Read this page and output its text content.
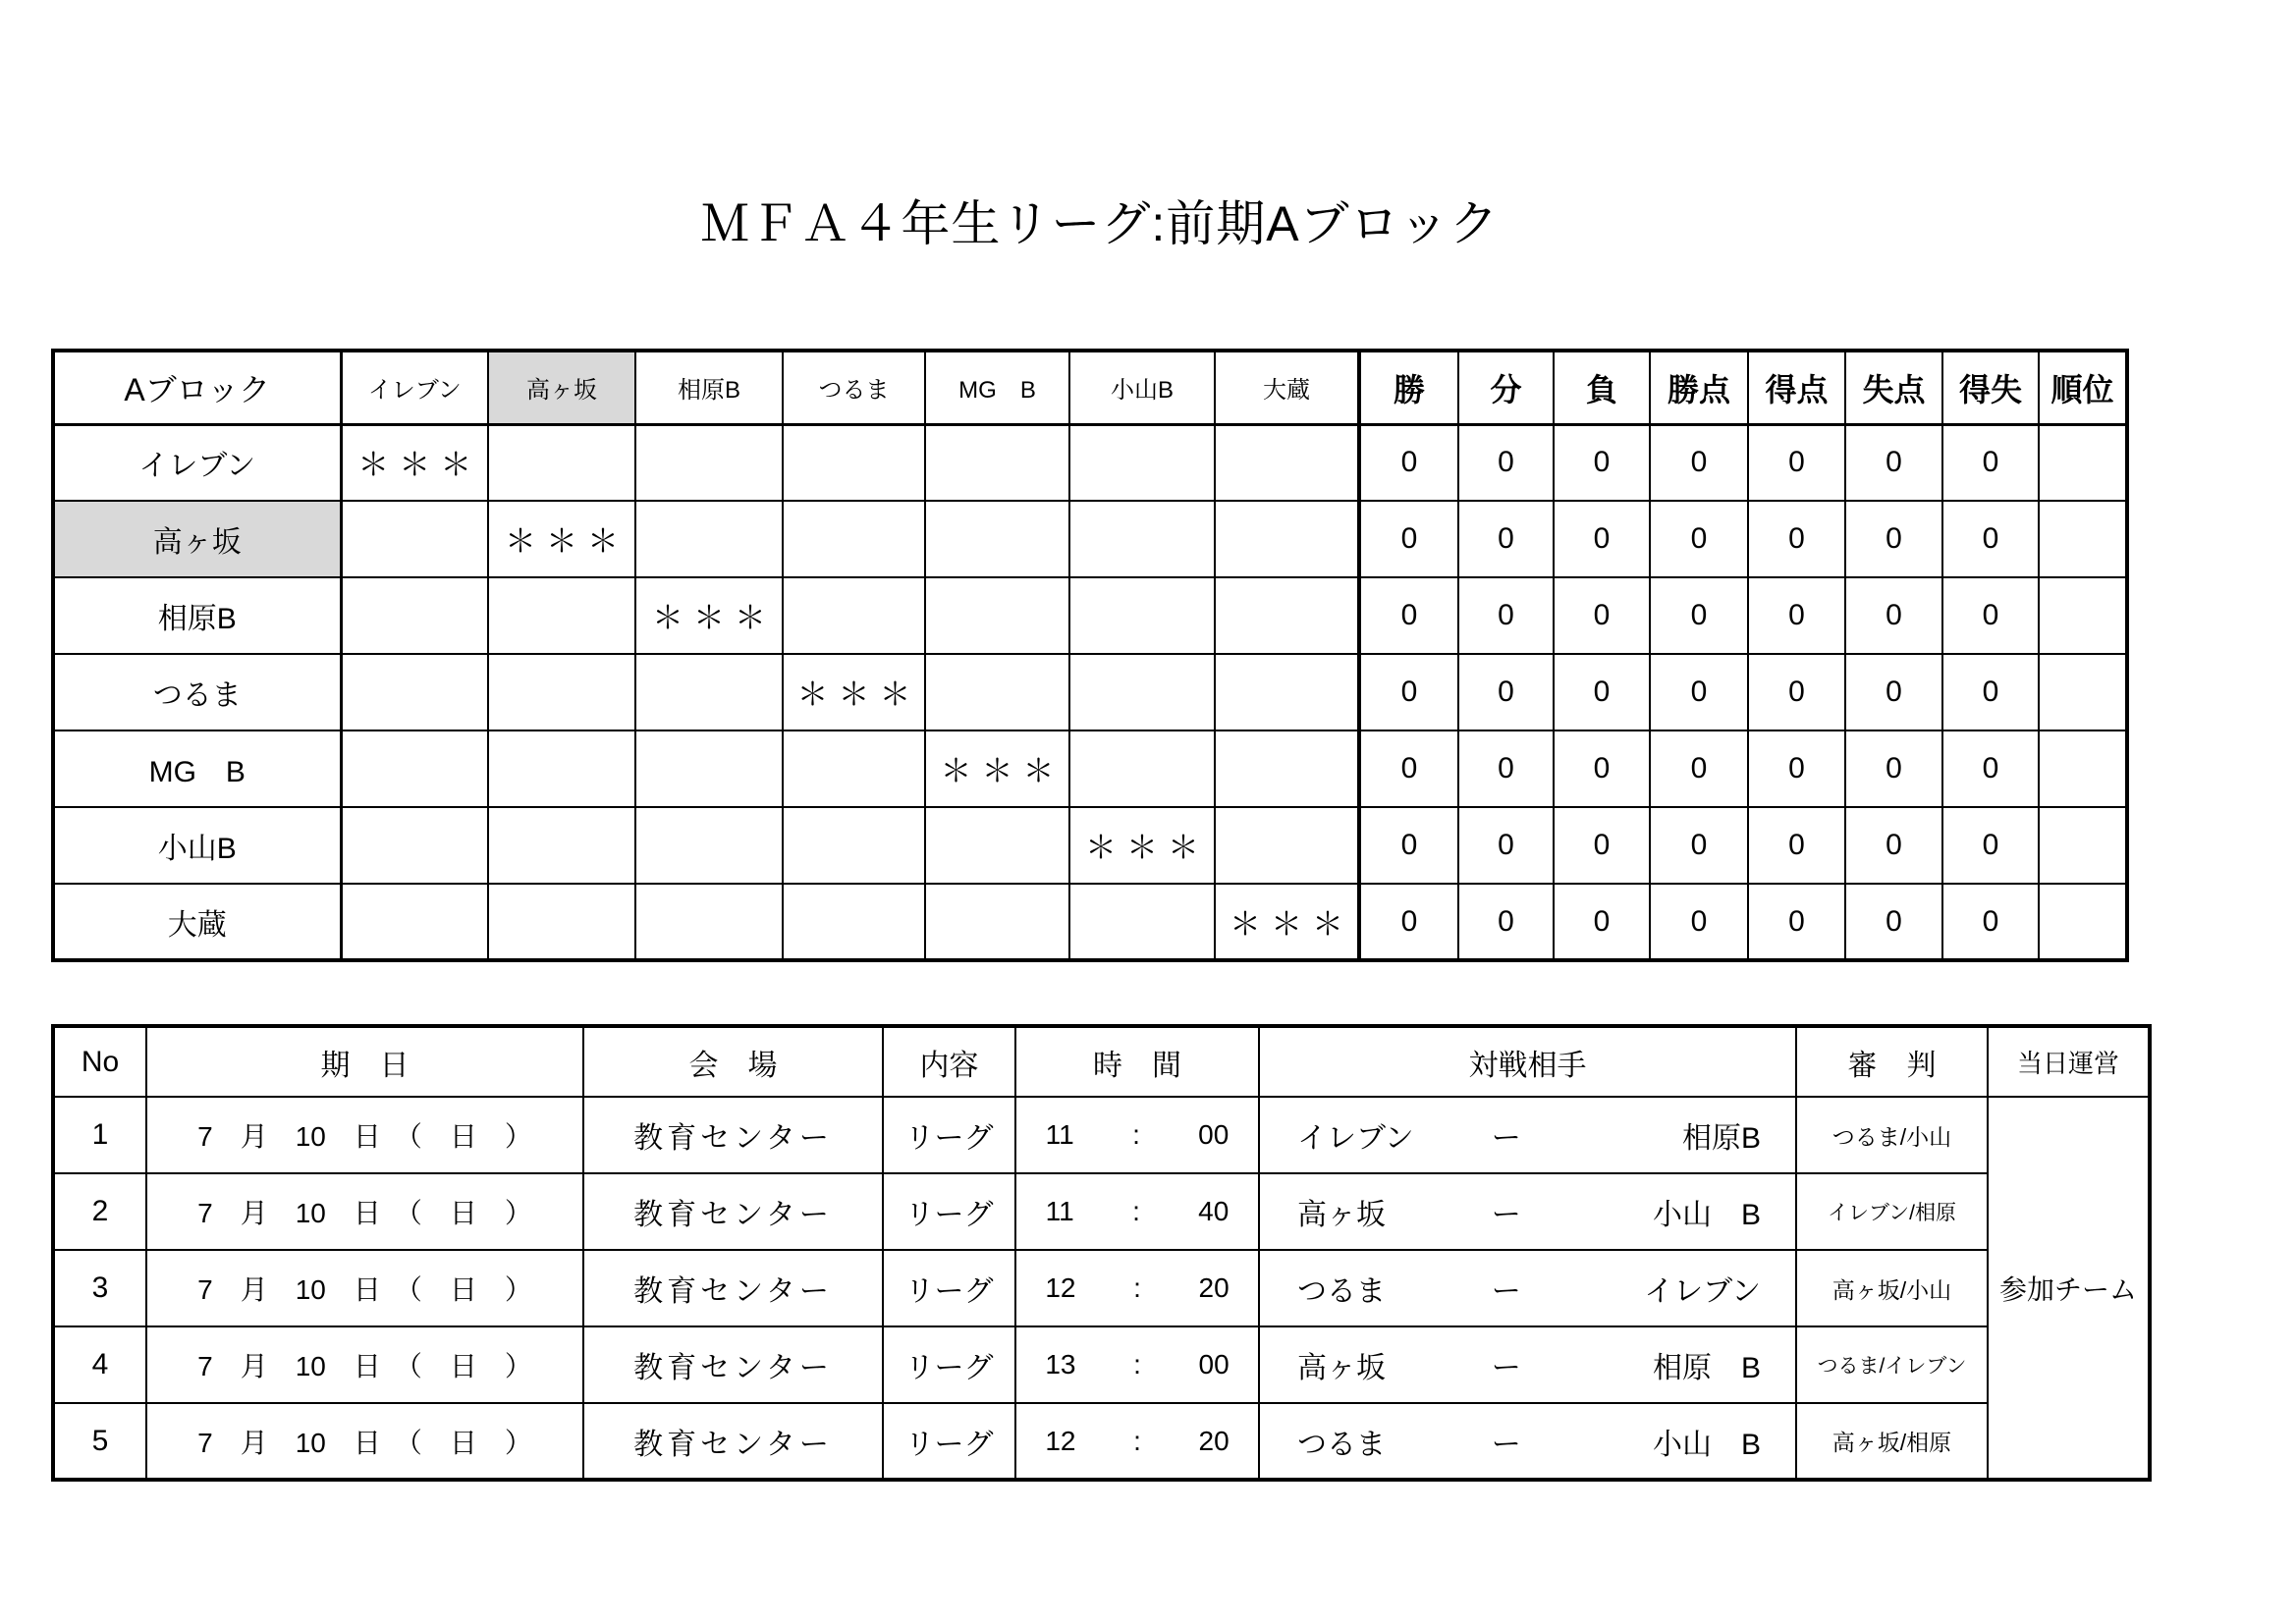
ＭＦＡ４年生リーグ:前期Aブロック
Aブロック	イレブン	高ヶ坂	相原B	つるま	MG　B	小山B	大蔵	勝	分	負	勝点	得点	失点	得失	順位
イレブン	＊＊＊							0	0	0	0	0	0	0	
高ヶ坂		＊＊＊						0	0	0	0	0	0	0	
相原B			＊＊＊					0	0	0	0	0	0	0	
つるま				＊＊＊				0	0	0	0	0	0	0	
MG　B					＊＊＊			0	0	0	0	0	0	0	
小山B						＊＊＊		0	0	0	0	0	0	0	
大蔵							＊＊＊	0	0	0	0	0	0	0	
No	期　日	会　場	内容	時　間	対戦相手	審　判	当日運営
1	7　月　10　日　（　日　）	教育センター	リーグ	11 : 00	イレブン ー 相原B	つるま/小山	参加チーム
2	7　月　10　日　（　日　）	教育センター	リーグ	11 : 40	高ヶ坂 ー 小山　B	イレブン/相原	
3	7　月　10　日　（　日　）	教育センター	リーグ	12 : 20	つるま ー イレブン	高ヶ坂/小山	
4	7　月　10　日　（　日　）	教育センター	リーグ	13 : 00	高ヶ坂 ー 相原　B	つるま/イレブン	
5	7　月　10　日　（　日　）	教育センター	リーグ	12 : 20	つるま ー 小山　B	高ヶ坂/相原	
